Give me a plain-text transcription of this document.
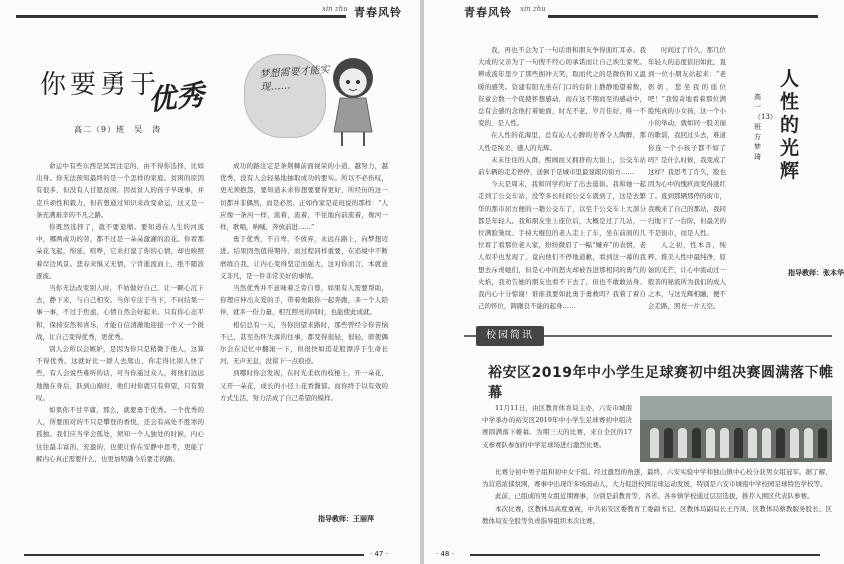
xin zhu 青春风铃
你要勇于
优秀
高二（9）班　吴　涛
梦想需要才能实现……

命运中有些东西是冥冥注定的，由不得你选择，比如出身。你无法预知最终的是一个怎样的家庭。贫困的原因有很多，但没有人甘愿贫困。因贫贫人的孩子早现事，并克兵顽性和毅力，但若想通过知识来改变命运，这又是一条充满艰辛的不凡之路。

你既然选择了，就不要退缩。要知道在人生的河流中，哪两成功的劳，都不过是一朵朵激灌的浪花。你看那朵花飞起，绵延，喧哗，它来打湿了你的心情，却也映照着岸边风景。悲春来惧又无情，宁肯逝流而上，绝不随波逐流。

当你无法改变别人时，不妨做好自己，让一颗心沉下去，静下来，与自己相安。当你专注于当下，不问结果一事一事，不过于焦虑，心情自然会好起来。只有你心态平和，保持安然和喜乐，才能自信清澈地迎接一个又一个挑战，让自己变得优秀，更优秀。

别人会所以会嫉妒，是因为你只是稍微于他人，这算不得优秀。这就好比一群人去爬山，你走得比别人快了些，有人会说些难听的话，可当你遥过众人，将他们远远地抛在身后，跃到山巅时，他们对你就只有仰望，只有赞叹。

如果你不甘平庸，那么，就要勇于优秀。一个优秀的人，所要面对的不只是攀登的香悦，还会有高处不胜寒的孤独。我们应当学会孤处，须知一个人独处的时候，内心往往最丰富的、充盈的，也使让你在安静中思考，更能了解内心真正需要什么，也更加明确今后要走的路。

成功的路注定是条荆棘前面视荣的小道，越努力，越优秀，没有人会轻易地抽取成功的要实。所以不必伤叹，更无须抱怨，要知道未来你想要要得更好，所经历的这一切都并非偶然，而是必然。正如作家是花班说的那样：“人应像一条河一样，流着，流着，不住地向前流着，像河一样，歌唱，呐喊，奔放前进……”

勇于优秀，不自卑，不放弃，永远在路上，向梦想迈进。结果固然值得期待，而过程同样重要，在追境中不断磨练自我，让内心变得坚定而强大，这对你而言，本就意义非凡，是一件非常美好的事情。

当然优秀并不意味着乏旁自尊，如果有人需要帮助，你理应伸出友爱的手，带着他跟你一起奔跑，多一个人陪伴，就多一份力量，相互照亮的同时，也能使此成就。

相信总有一天，当你回望来路时，那些曾经令你苦恼不已，甚至伤怀失落的往事，都变得很轻，很轻，即使偶尔会在记忆中翻滚一下，但很快如追花般漂浮于生命长河，无声无息，没留下一点痕迹。

到哪时你会发现，在时光柔软的枝桠上，开一朵花，又开一朵花，成长的小径上花香馥郁。而你终于以有效的方式生活，努力活成了自己希望的模样。

指导教师：王丽萍
· 47 ·
青春风铃 xin zhu

我，再也不会为了一句话语和朋友争得面红耳赤。我大成的父亲为了一句搜不经心的承诺而让自己诶生家死。辨成流年里少了那些拥冲天笑，取而代之的是微伤和又温暖的感笑。资建有阳光坐在门口的台阶上静静地望着数，资童会数一个促使怀想感动，而在这不期而至的感动中，总有会感的念他打着她面，时光不老，岁月佳好，唯一不变的，是人性。

在人性的花海里，总有沁人心脾的芳香令人陶醉，那人性是纯美、感人的光辉。

末末往住的人群，熙闹而又拥挤的大街上，公交车站前车辆的走走停停，送倒于是城市里最显眼的街方……

今天是周末，我和同学约好了出去逛街。我和她一起走到了公交车站，没等多长时间公交车就到了，这是去繁华的那市屈方便的一趟公交车了，以至于公交车上大部分都是年轻人。我和朋友坐上座位后，大概是过了几站，一位满脸皱纹、手持大棍包的老人走上了车，坐在前面的几位看了看那位老人家，纷纷微眉了一幅“嫌弃”的表情，老人似乎也发现了，竟向他们不停地道歉，看到这一幕的我想去斥责她们，但是心中的怒火却被吞进那相同的勇气的火焰，我劝告她的朋友也看不下去了，但也不敢敢站身。我内心十分惊谢！谁谁我要如此勇于勇救吗？我着了着自己的怀位，踌躇良不能的起身……

时间过了许久，那几位年轻人的态度依旧如此，直到一位小朋友站起来：“老奶奶，您坐我的座位吧！”我惊奇地看着那位满脸纯真的小女孩，这一个小小的举动，就如同一股美丽的歌谣，我回过头去，难道你连一个小孩子都不如了吗？是什么时候，我变成了这样？我思考了许久，脸也因为心中的愧疚而变得涨红了。直到那辆那停的街市，我晚来了自己的那站，我同归地下了一台阶，但最美的不是街市，而是人性。

人之初，性本善，纯粹、推美人性中最纯净，原始的光芒，让心中流动过一般善的秘流所为我们的成人之本，与这光辉相融，便不会走路，照亮一片天空。

人性的光辉
高一（13）班　方梦琦
指导教师：张本华
校园简讯
裕安区2019年中小学生足球赛初中组决赛圆满落下帷幕

11月11日，由区教育体育局主办，六安市城南中学承办的裕安区2019年中小学生足球赛初中组决赛圆满落下帷幕。为期三天的比赛，来自全区的17支参赛队参加的中学足球场进行激烈比赛。

比赛分初中男子组和初中女子组。经过激烈的角逐，最终，六安实验中学和独山镇中心校分获男女组冠军。据了解，为营造浓郁氛围，赛事中出现许多场面动人，大力促进校园足球运动发展，特别是六安市城南中学校园足球特色学校等。

此前，已组成的男女组近期赛事，分别是前教育等，各省、各乡镇学校通过层层选拔，推荐入围区代表队参赛。

本次比赛，区教体局高度重视，中共裕安区委教育工委副书记、区教体局副局长王丹凤、区教体局蔡教服务股长、区教体局安全股等负责指导组织本次比赛。

· 48 ·
